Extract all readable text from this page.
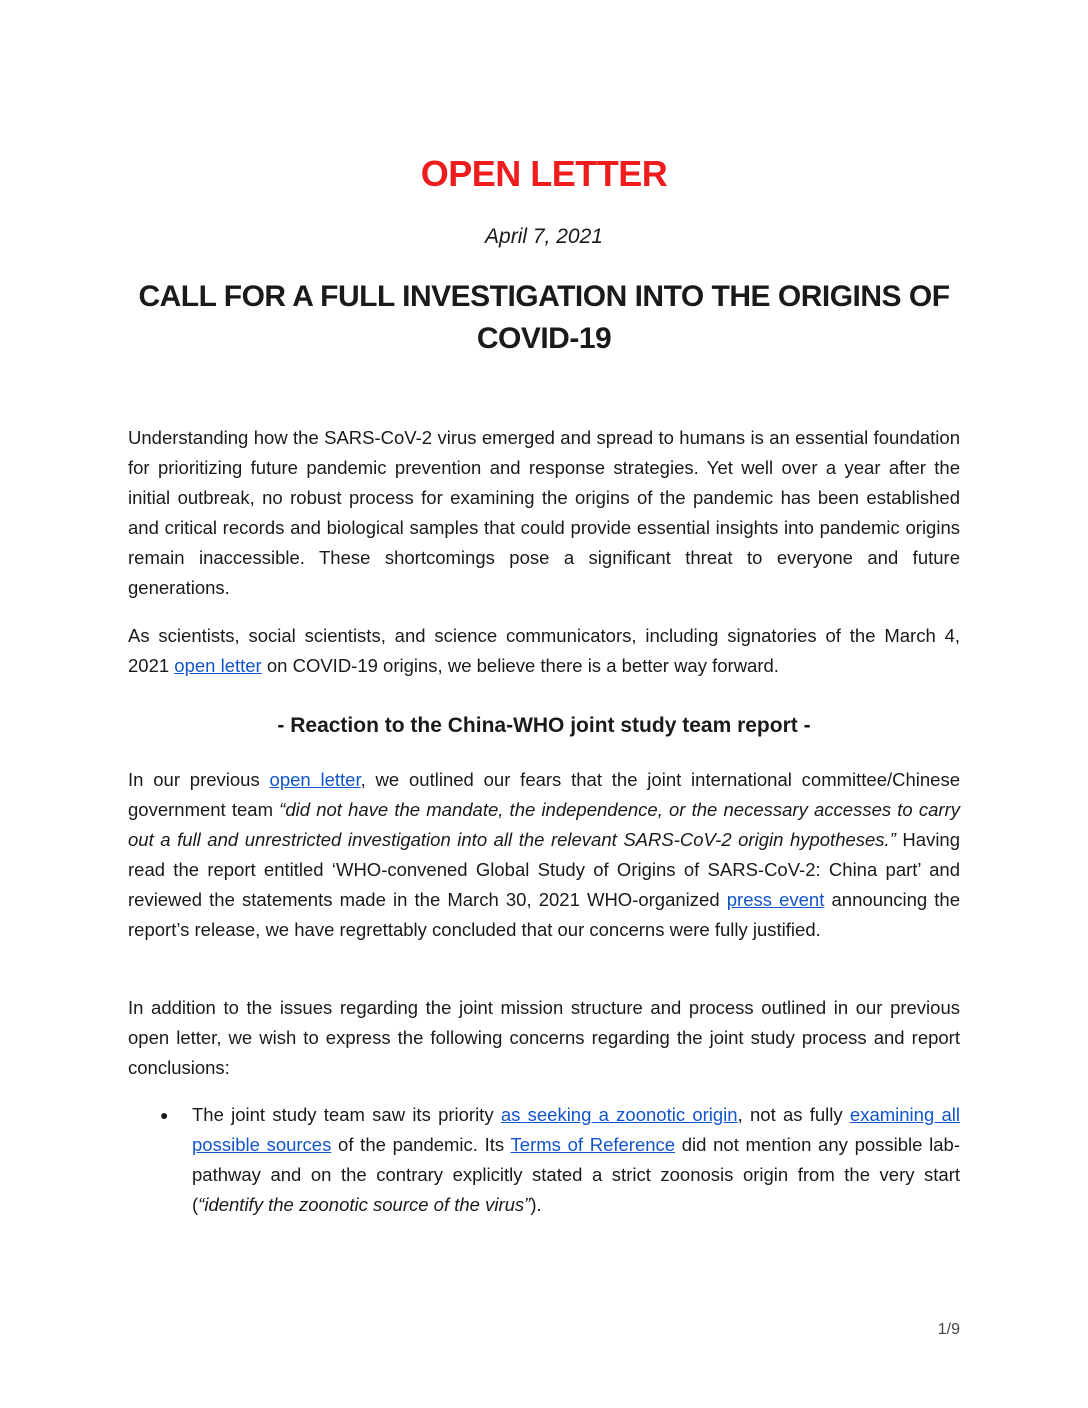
OPEN LETTER

April 7, 2021

CALL FOR A FULL INVESTIGATION INTO THE ORIGINS OF COVID-19

Understanding how the SARS-CoV-2 virus emerged and spread to humans is an essential foundation for prioritizing future pandemic prevention and response strategies. Yet well over a year after the initial outbreak, no robust process for examining the origins of the pandemic has been established and critical records and biological samples that could provide essential insights into pandemic origins remain inaccessible. These shortcomings pose a significant threat to everyone and future generations.

As scientists, social scientists, and science communicators, including signatories of the March 4, 2021 open letter on COVID-19 origins, we believe there is a better way forward.

- Reaction to the China-WHO joint study team report -

In our previous open letter, we outlined our fears that the joint international committee/Chinese government team “did not have the mandate, the independence, or the necessary accesses to carry out a full and unrestricted investigation into all the relevant SARS-CoV-2 origin hypotheses.” Having read the report entitled ‘WHO-convened Global Study of Origins of SARS-CoV-2: China part’ and reviewed the statements made in the March 30, 2021 WHO-organized press event announcing the report’s release, we have regrettably concluded that our concerns were fully justified.

In addition to the issues regarding the joint mission structure and process outlined in our previous open letter, we wish to express the following concerns regarding the joint study process and report conclusions:

● The joint study team saw its priority as seeking a zoonotic origin, not as fully examining all possible sources of the pandemic. Its Terms of Reference did not mention any possible lab-pathway and on the contrary explicitly stated a strict zoonosis origin from the very start (“identify the zoonotic source of the virus”).

1/9
